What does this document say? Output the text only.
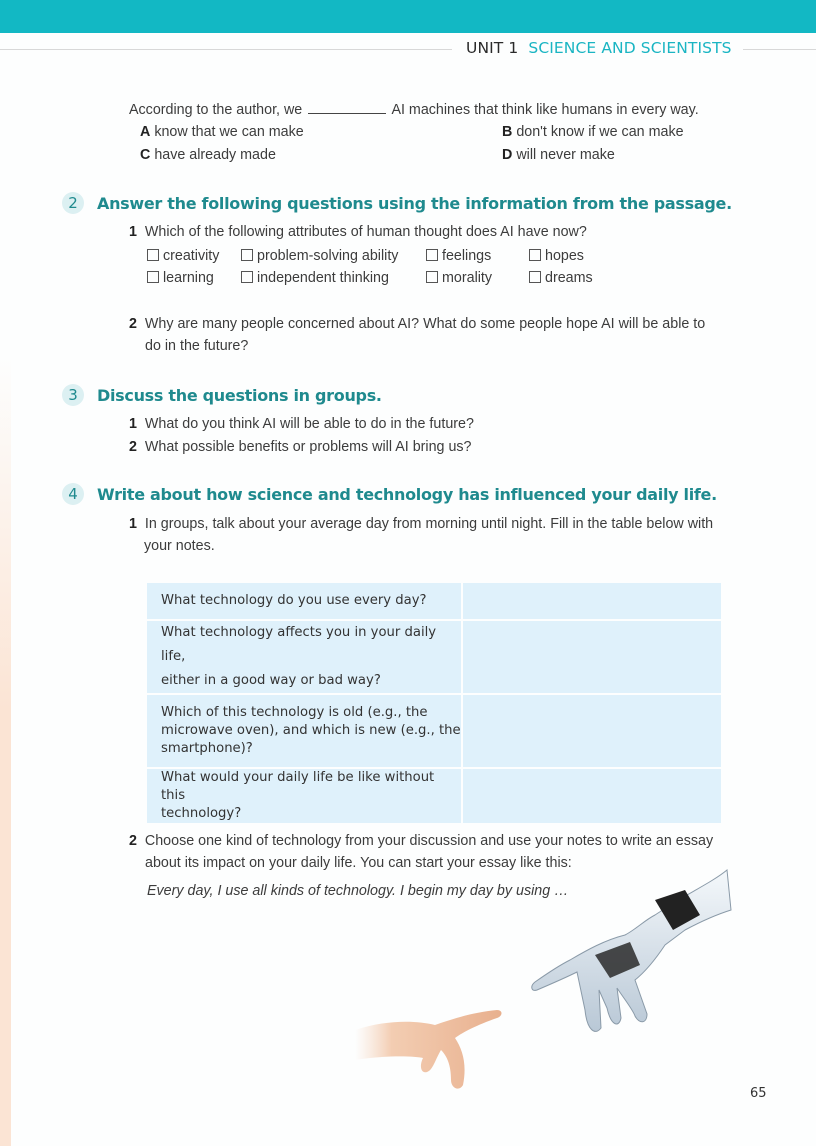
UNIT 1 SCIENCE AND SCIENTISTS
According to the author, we	AI machines that think like humans in every way.
A know that we can make	B don't know if we can make
C have already made	D will never make
2	Answer the following questions using the information from the passage.
1 Which of the following attributes of human thought does AI have now?
creativity	problem-solving ability	feelings	hopes
learning	independent thinking	morality	dreams
2 Why are many people concerned about AI? What do some people hope AI will be able to
do in the future?
3	Discuss the questions in groups.
1 What do you think AI will be able to do in the future?
2 What possible benefits or problems will AI bring us?
4	Write about how science and technology has influenced your daily life.
1 In groups, talk about your average day from morning until night. Fill in the table below with
your notes.
What technology do you use every day?	
What technology affects you in your daily life,
either in a good way or bad way?	
Which of this technology is old (e.g., the
microwave oven), and which is new (e.g., the
smartphone)?	
What would your daily life be like without this
technology?	
2 Choose one kind of technology from your discussion and use your notes to write an essay
about its impact on your daily life. You can start your essay like this:
Every day, I use all kinds of technology. I begin my day by using …
65
